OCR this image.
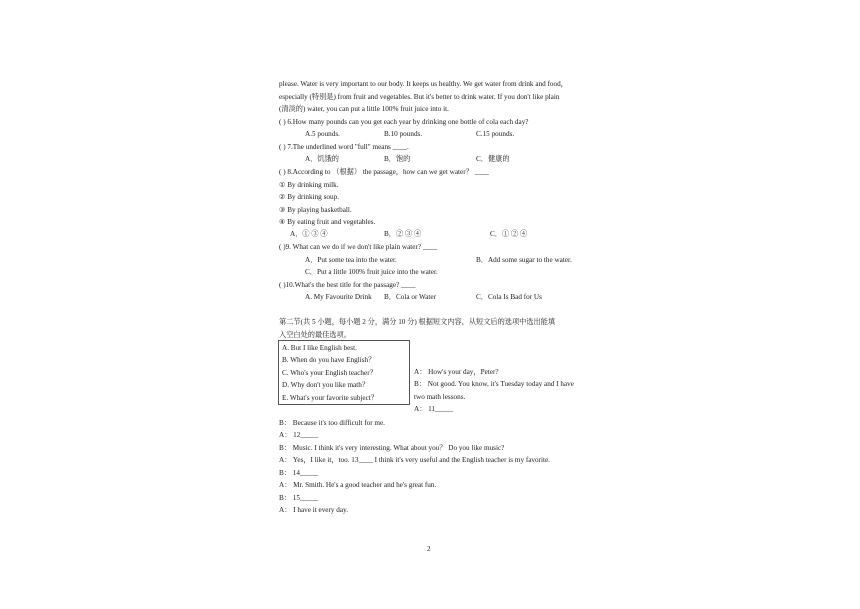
please. Water is very important to our body. It keeps us healthy. We get water from drink and food，
especially (特别是) from fruit and vegetables. But it's better to drink water. If you don't like plain
(清淡的) water, you can put a little 100% fruit juice into it.
( ) 6.How many pounds can you get each year by drinking one bottle of cola each day?
A.5 pounds.	B.10 pounds.	C.15 pounds.
( ) 7.The underlined word "full" means ____.
A．饥饿的	B．饱的	C．健康的
( ) 8.According to （根据） the passage，how can we get water？ ____
① By drinking milk.
② By drinking soup.
③ By playing basketball.
④ By eating fruit and vegetables.
A．① ③ ④	B．② ③ ④	C．① ② ④
( )9. What can we do if we don't like plain water? ____
A．Put some tea into the water.	B．Add some sugar to the water.
C．Put a little 100% fruit juice into the water.
( )10.What's the best title for the passage? ____
A. My Favourite Drink B．Cola or Water	C．Cola Is Bad for Us
第二节(共 5 小题，每小题 2 分，满分 10 分) 根据短文内容，从短文后的选项中选出能填
入空白处的最佳选项。
A. But I like English best.
B. When do you have English？
C. Who's your English teacher？
D. Why don't you like math？
E. What's your favorite subject？
A： How's your day，Peter?
B： Not good. You know, it's Tuesday today and I have
two math lessons.
A： 11_____
B： Because it's too difficult for me.
A： 12_____
B： Music. I think it's very interesting. What about you？ Do you like music?
A： Yes，I like it，too. 13____ I think it's very useful and the English teacher is my favorite.
B： 14_____
A： Mr. Smith. He's a good teacher and he's great fun.
B： 15_____
A： I have it every day.
2
